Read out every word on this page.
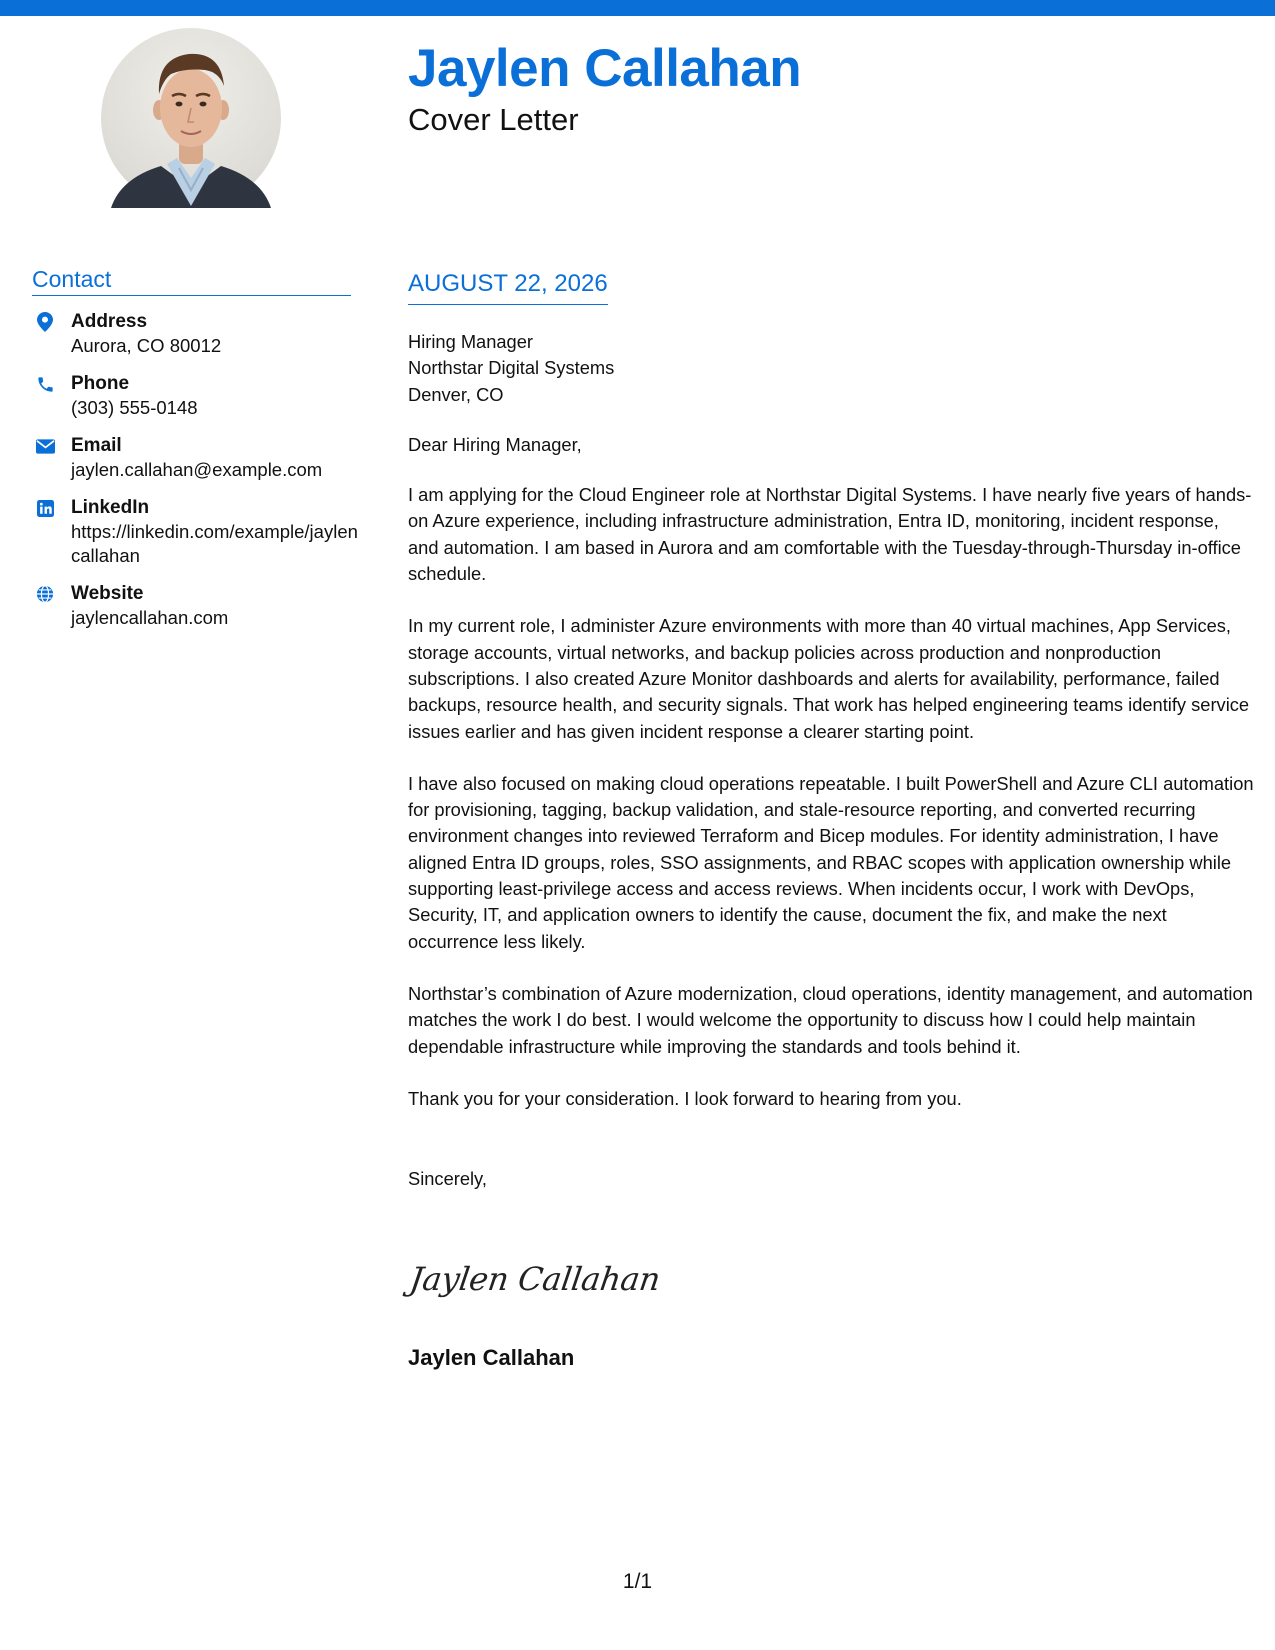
Jaylen Callahan
Cover Letter
Contact
Address
Aurora, CO 80012
Phone
(303) 555-0148
Email
jaylen.callahan@example.com
LinkedIn
https://linkedin.com/example/jaylencallahan
Website
jaylencallahan.com
AUGUST 22, 2026

Hiring Manager
Northstar Digital Systems
Denver, CO

Dear Hiring Manager,

I am applying for the Cloud Engineer role at Northstar Digital Systems. I have nearly five years of hands-on Azure experience, including infrastructure administration, Entra ID, monitoring, incident response, and automation. I am based in Aurora and am comfortable with the Tuesday-through-Thursday in-office schedule.

In my current role, I administer Azure environments with more than 40 virtual machines, App Services, storage accounts, virtual networks, and backup policies across production and nonproduction subscriptions. I also created Azure Monitor dashboards and alerts for availability, performance, failed backups, resource health, and security signals. That work has helped engineering teams identify service issues earlier and has given incident response a clearer starting point.

I have also focused on making cloud operations repeatable. I built PowerShell and Azure CLI automation for provisioning, tagging, backup validation, and stale-resource reporting, and converted recurring environment changes into reviewed Terraform and Bicep modules. For identity administration, I have aligned Entra ID groups, roles, SSO assignments, and RBAC scopes with application ownership while supporting least-privilege access and access reviews. When incidents occur, I work with DevOps, Security, IT, and application owners to identify the cause, document the fix, and make the next occurrence less likely.

Northstar’s combination of Azure modernization, cloud operations, identity management, and automation matches the work I do best. I would welcome the opportunity to discuss how I could help maintain dependable infrastructure while improving the standards and tools behind it.

Thank you for your consideration. I look forward to hearing from you.

Sincerely,

Jaylen Callahan
Jaylen Callahan
1/1
